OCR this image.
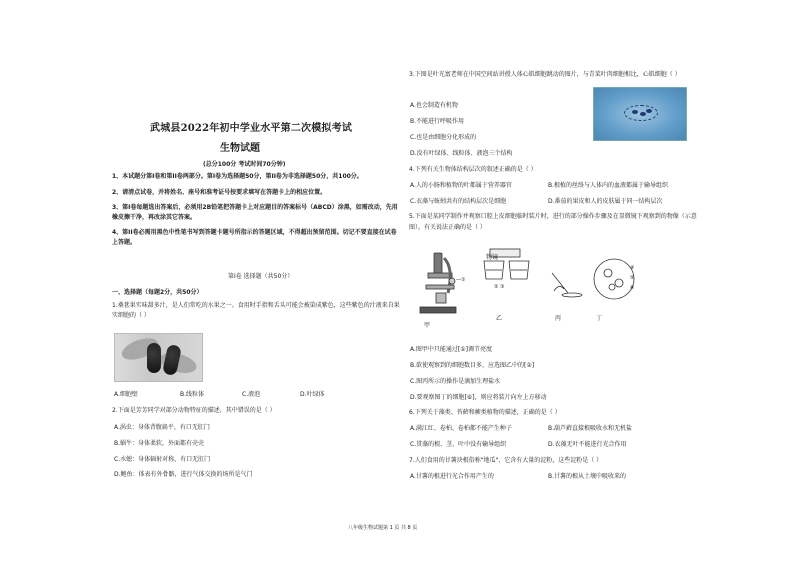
武城县2022年初中学业水平第二次模拟考试
生物试题
(总分100分 考试时间70分钟)

1、本试题分第I卷和第II卷两部分。第I卷为选择题50分，第II卷为非选择题50分，共100分。

2、请清点试卷，并将姓名、座号和准考证号按要求填写在答题卡上的相应位置。

3、第I卷每题选出答案后，必须用2B铅笔把答题卡上对应题目的答案标号（ABCD）涂黑，如需改动，先用橡皮擦干净，再改涂其它答案。

4、第II卷必需用黑色中性笔书写到答题卡题号所指示的答题区域，不得超出预留范围。切记不要直接在试卷上答题。

第I卷 选择题（共50分）
一、选择题（每题2分，共50分）
1.桑葚果实味甜多汁，是人们常吃的水果之一。食用时手指和舌头可能会被染成紫色，这些紫色的汁液来自果实细胞的（ ）
A.细胞壁	B.线粒体	C.液泡	D.叶绿体
2.下面是芳芳同学对部分动物特征的描述，其中错误的是（ ）
A.涡虫：身体背腹扁平，有口无肛门
B.蜗牛：身体柔软，外面都有壳壳
C.水螅：身体辐射对称，有口无肛门
D.鲍鱼：体表有外骨骼，进行气体交换的场所是气门
3.下图是叶光富老师在中国空间站讲授人体心肌细胞跳动的图片，与青菜叶肉细胞相比，心肌细胞（ ）
A.也会制造有机物
B.不能进行呼吸作用
C.也是由细胞分化形成的
D.没有叶绿体、线粒体、液泡三个结构
4.下列有关生物体结构层次的叙述正确的是（ ）
A.人的小肠和植物的叶都属于营养器官	B.根植的丝络与人体内的血液都属于输导组织
C.衣藻与蚯蚓共有的结构层次是细胞	D.番茄的果皮和人的皮肤属于同一结构层次
5.下面是某同学制作并观察口腔上皮细胞临时装片时，进行的部分操作步骤及在显微镜下观察到的物像（示意图）。有关说法正确的是（ ）
—①
② ③
④
⑤
⑥
物镜
甲
乙	丙	丁
A.图甲中只能通过[①]调节亮度
B.欲使观察到的细胞数目多，应选图乙中的[②]
C.图丙所示的操作是滴加生理盐水
D.要观察图丁的细胞[⑥]，则应将装片向左上方移动
6.下列关于藻类、苔藓和蕨类植物的描述，正确的是（ ）
A.满江红、卷柏、卷柏都不能产生种子	B.葫芦藓直接根吸收水和无机盐
C.贯藻的根、茎、叶中没有输导组织	D.衣藻无叶不能进行光合作用
7.人们食用的甘薯块根俗称"地瓜"，它含有大量的淀粉，这些淀粉是（ ）
A.甘薯的根进行光合作用产生的	B.甘薯的根从土壤中吸收来的
八年级生物试题第 1 页 共 8 页
